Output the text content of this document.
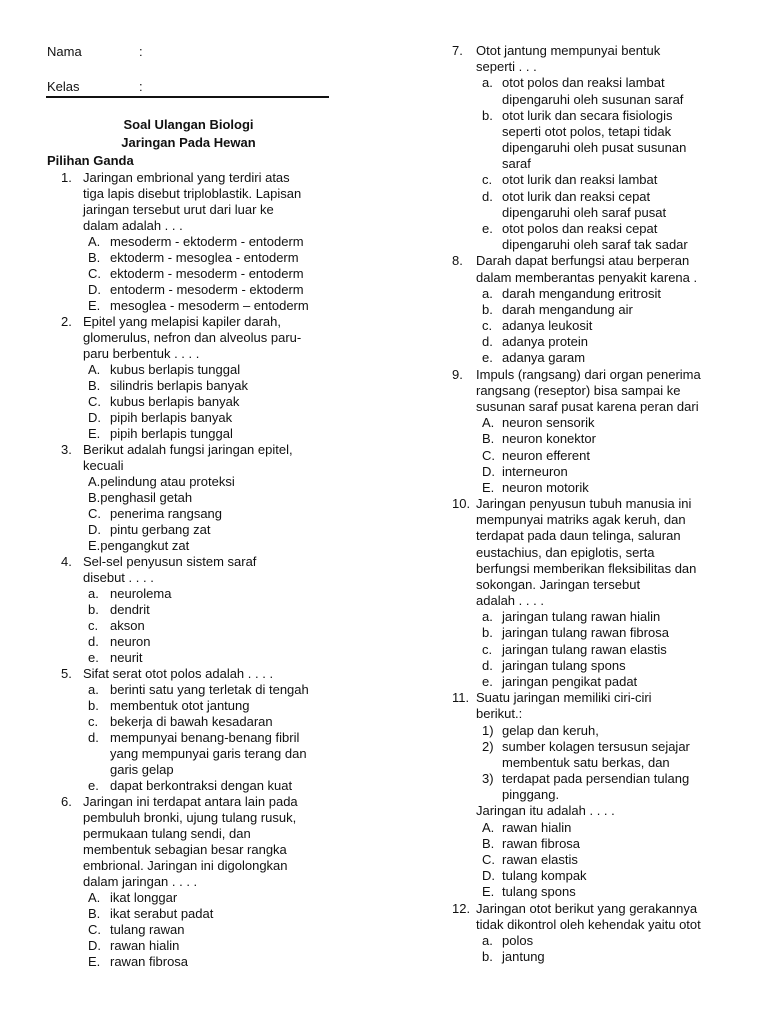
Nama	:
Kelas	:
Soal Ulangan Biologi
Jaringan Pada Hewan
Pilihan Ganda
1. Jaringan embrional yang terdiri atas
tiga lapis disebut triploblastik. Lapisan
jaringan tersebut urut dari luar ke
dalam adalah . . .
A. mesoderm - ektoderm - entoderm
B. ektoderm - mesoglea - entoderm
C. ektoderm - mesoderm - entoderm
D. entoderm - mesoderm - ektoderm
E. mesoglea - mesoderm – entoderm
2. Epitel yang melapisi kapiler darah,
glomerulus, nefron dan alveolus paru-
paru berbentuk . . . .
A. kubus berlapis tunggal
B. silindris berlapis banyak
C. kubus berlapis banyak
D. pipih berlapis banyak
E. pipih berlapis tunggal
3. Berikut adalah fungsi jaringan epitel,
kecuali
A.pelindung atau proteksi
B.penghasil getah
C. penerima rangsang
D. pintu gerbang zat
E.pengangkut zat
4. Sel-sel penyusun sistem saraf
disebut . . . .
a. neurolema
b. dendrit
c. akson
d. neuron
e. neurit
5. Sifat serat otot polos adalah . . . .
a. berinti satu yang terletak di tengah
b. membentuk otot jantung
c. bekerja di bawah kesadaran
d. mempunyai benang-benang fibril
yang mempunyai garis terang dan
garis gelap
e. dapat berkontraksi dengan kuat
6. Jaringan ini terdapat antara lain pada
pembuluh bronki, ujung tulang rusuk,
permukaan tulang sendi, dan
membentuk sebagian besar rangka
embrional. Jaringan ini digolongkan
dalam jaringan . . . .
A. ikat longgar
B. ikat serabut padat
C. tulang rawan
D. rawan hialin
E. rawan fibrosa
7. Otot jantung mempunyai bentuk
seperti . . .
a. otot polos dan reaksi lambat
dipengaruhi oleh susunan saraf
b. otot lurik dan secara fisiologis
seperti otot polos, tetapi tidak
dipengaruhi oleh pusat susunan
saraf
c. otot lurik dan reaksi lambat
d. otot lurik dan reaksi cepat
dipengaruhi oleh saraf pusat
e. otot polos dan reaksi cepat
dipengaruhi oleh saraf tak sadar
8. Darah dapat berfungsi atau berperan
dalam memberantas penyakit karena .
a. darah mengandung eritrosit
b. darah mengandung air
c. adanya leukosit
d. adanya protein
e. adanya garam
9. Impuls (rangsang) dari organ penerima
rangsang (reseptor) bisa sampai ke
susunan saraf pusat karena peran dari
A. neuron sensorik
B. neuron konektor
C. neuron efferent
D. interneuron
E. neuron motorik
10. Jaringan penyusun tubuh manusia ini
mempunyai matriks agak keruh, dan
terdapat pada daun telinga, saluran
eustachius, dan epiglotis, serta
berfungsi memberikan fleksibilitas dan
sokongan. Jaringan tersebut
adalah . . . .
a. jaringan tulang rawan hialin
b. jaringan tulang rawan fibrosa
c. jaringan tulang rawan elastis
d. jaringan tulang spons
e. jaringan pengikat padat
11. Suatu jaringan memiliki ciri-ciri
berikut.:
1) gelap dan keruh,
2) sumber kolagen tersusun sejajar
membentuk satu berkas, dan
3) terdapat pada persendian tulang
pinggang.
Jaringan itu adalah . . . .
A. rawan hialin
B. rawan fibrosa
C. rawan elastis
D. tulang kompak
E. tulang spons
12. Jaringan otot berikut yang gerakannya
tidak dikontrol oleh kehendak yaitu otot
a. polos
b. jantung
